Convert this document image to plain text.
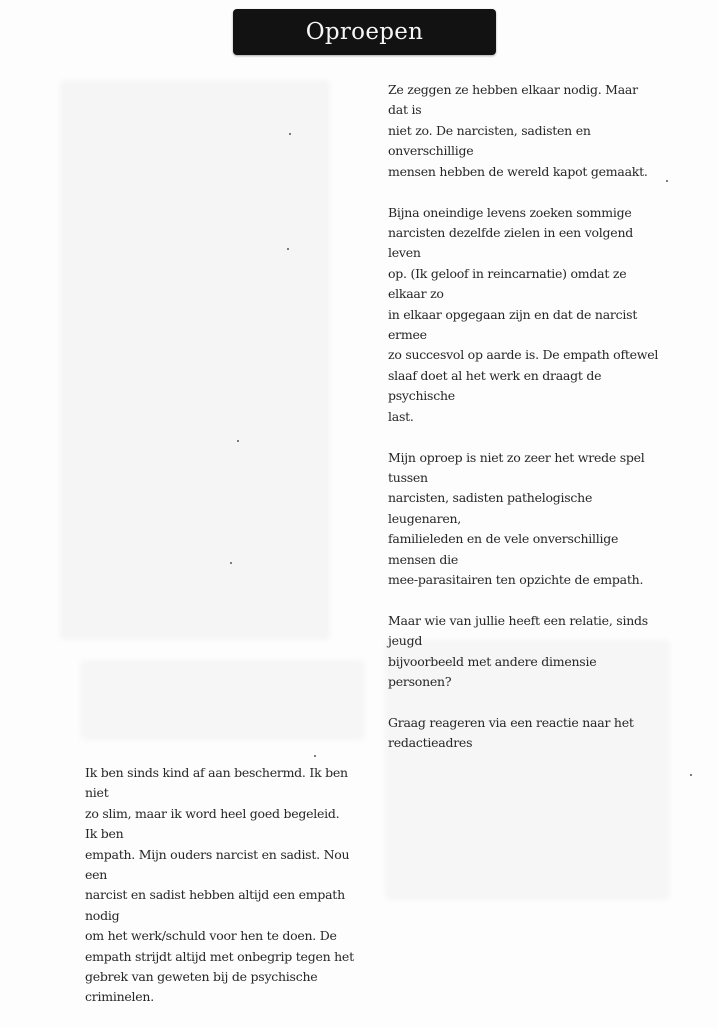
Oproepen

Ze zeggen ze hebben elkaar nodig. Maar dat is
niet zo. De narcisten, sadisten en onverschillige
mensen hebben de wereld kapot gemaakt.

Bijna oneindige levens zoeken sommige
narcisten dezelfde zielen in een volgend leven
op. (Ik geloof in reincarnatie) omdat ze elkaar zo
in elkaar opgegaan zijn en dat de narcist ermee
zo succesvol op aarde is. De empath oftewel
slaaf doet al het werk en draagt de psychische
last.

Mijn oproep is niet zo zeer het wrede spel tussen
narcisten, sadisten pathelogische leugenaren,
familieleden en de vele onverschillige mensen die
mee-parasitairen ten opzichte de empath.

Maar wie van jullie heeft een relatie, sinds jeugd
bijvoorbeeld met andere dimensie personen?

Graag reageren via een reactie naar het
redactieadres

Ik ben sinds kind af aan beschermd. Ik ben niet
zo slim, maar ik word heel goed begeleid. Ik ben
empath. Mijn ouders narcist en sadist. Nou een
narcist en sadist hebben altijd een empath nodig
om het werk/schuld voor hen te doen. De
empath strijdt altijd met onbegrip tegen het
gebrek van geweten bij de psychische criminelen.
